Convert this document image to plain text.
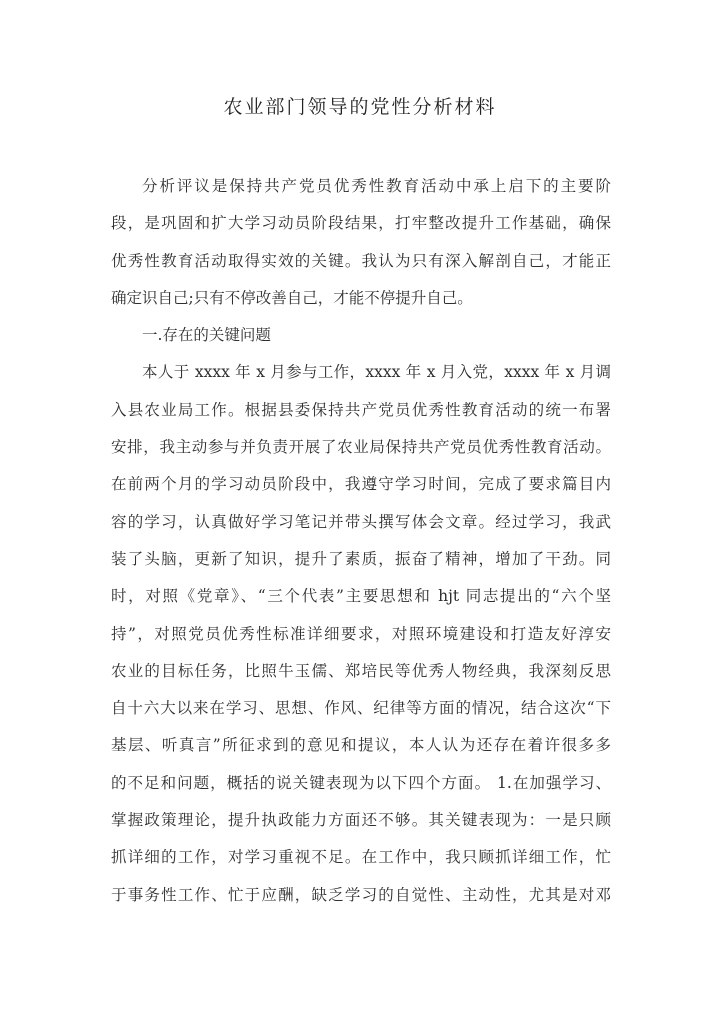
农业部门领导的党性分析材料
分析评议是保持共产党员优秀性教育活动中承上启下的主要阶
段，是巩固和扩大学习动员阶段结果，打牢整改提升工作基础，确保
优秀性教育活动取得实效的关键。我认为只有深入解剖自己，才能正
确定识自己;只有不停改善自己，才能不停提升自己。
一.存在的关键问题
本人于 xxxx 年 x 月参与工作，xxxx 年 x 月入党，xxxx 年 x 月调
入县农业局工作。根据县委保持共产党员优秀性教育活动的统一布署
安排，我主动参与并负责开展了农业局保持共产党员优秀性教育活动。
在前两个月的学习动员阶段中，我遵守学习时间，完成了要求篇目内
容的学习，认真做好学习笔记并带头撰写体会文章。经过学习，我武
装了头脑，更新了知识，提升了素质，振奋了精神，增加了干劲。同
时，对照《党章》、“三个代表”主要思想和 hjt 同志提出的“六个坚
持”，对照党员优秀性标准详细要求，对照环境建设和打造友好淳安
农业的目标任务，比照牛玉儒、郑培民等优秀人物经典，我深刻反思
自十六大以来在学习、思想、作风、纪律等方面的情况，结合这次“下
基层、听真言”所征求到的意见和提议，本人认为还存在着许很多多
的不足和问题，概括的说关键表现为以下四个方面。 1.在加强学习、
掌握政策理论，提升执政能力方面还不够。其关键表现为：一是只顾
抓详细的工作，对学习重视不足。在工作中，我只顾抓详细工作，忙
于事务性工作、忙于应酬，缺乏学习的自觉性、主动性，尤其是对邓
